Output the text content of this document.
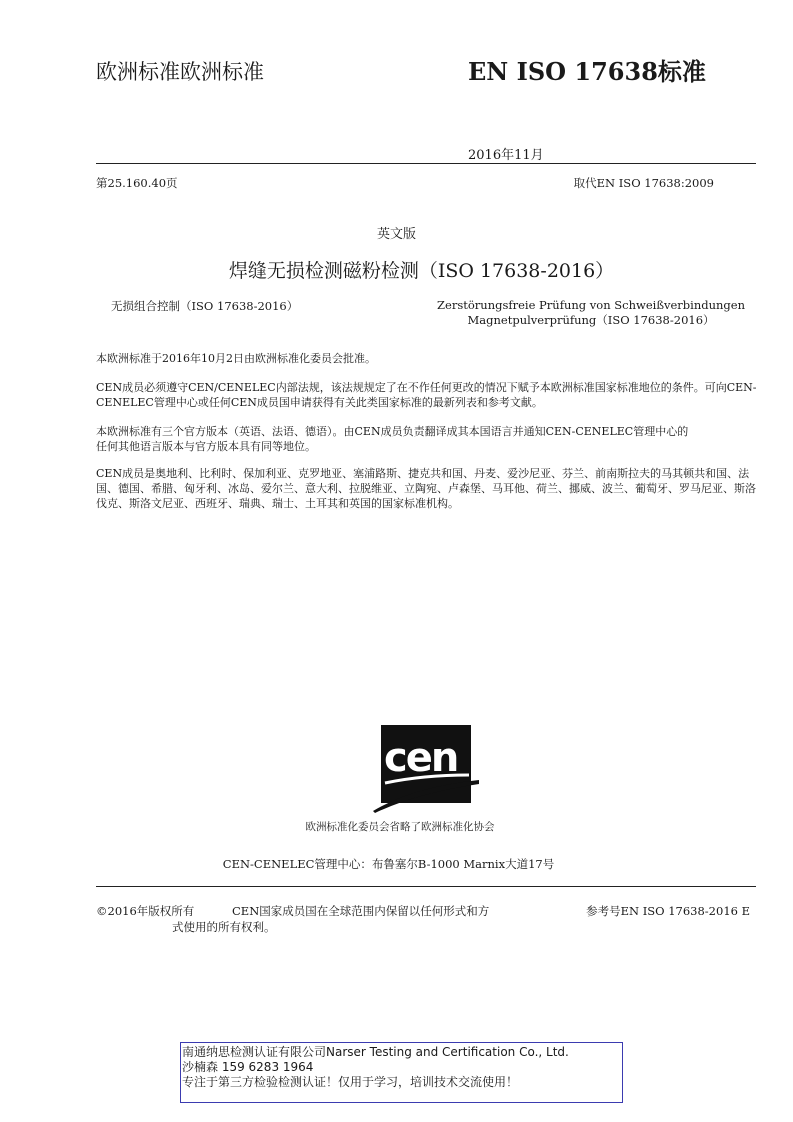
欧洲标准欧洲标准	EN ISO 17638标准
2016年11月
第25.160.40页	取代EN ISO 17638:2009
英文版
焊缝无损检测磁粉检测（ISO 17638-2016）
无损组合控制（ISO 17638-2016）	Zerstörungsfreie Prüfung von Schweißverbindungen
Magnetpulverprüfung（ISO 17638-2016）
本欧洲标准于2016年10月2日由欧洲标准化委员会批准。
CEN成员必须遵守CEN/CENELEC内部法规，该法规规定了在不作任何更改的情况下赋予本欧洲标准国家标准地位的条件。可向CEN-CENELEC管理中心或任何CEN成员国申请获得有关此类国家标准的最新列表和参考文献。
本欧洲标准有三个官方版本（英语、法语、德语）。由CEN成员负责翻译成其本国语言并通知CEN-CENELEC管理中心的
任何其他语言版本与官方版本具有同等地位。
CEN成员是奥地利、比利时、保加利亚、克罗地亚、塞浦路斯、捷克共和国、丹麦、爱沙尼亚、芬兰、前南斯拉夫的马其顿共和国、法国、德国、希腊、匈牙利、冰岛、爱尔兰、意大利、拉脱维亚、立陶宛、卢森堡、马耳他、荷兰、挪威、波兰、葡萄牙、罗马尼亚、斯洛伐克、斯洛文尼亚、西班牙、瑞典、瑞士、土耳其和英国的国家标准机构。
cen
欧洲标准化委员会省略了欧洲标准化协会
CEN-CENELEC管理中心：布鲁塞尔B-1000 Marnix大道17号
©2016年版权所有	CEN国家成员国在全球范围内保留以任何形式和方
式使用的所有权利。
参考号EN ISO 17638-2016 E
南通纳思检测认证有限公司Narser Testing and Certification Co., Ltd.
沙楠森 159 6283 1964
专注于第三方检验检测认证！仅用于学习，培训技术交流使用！
